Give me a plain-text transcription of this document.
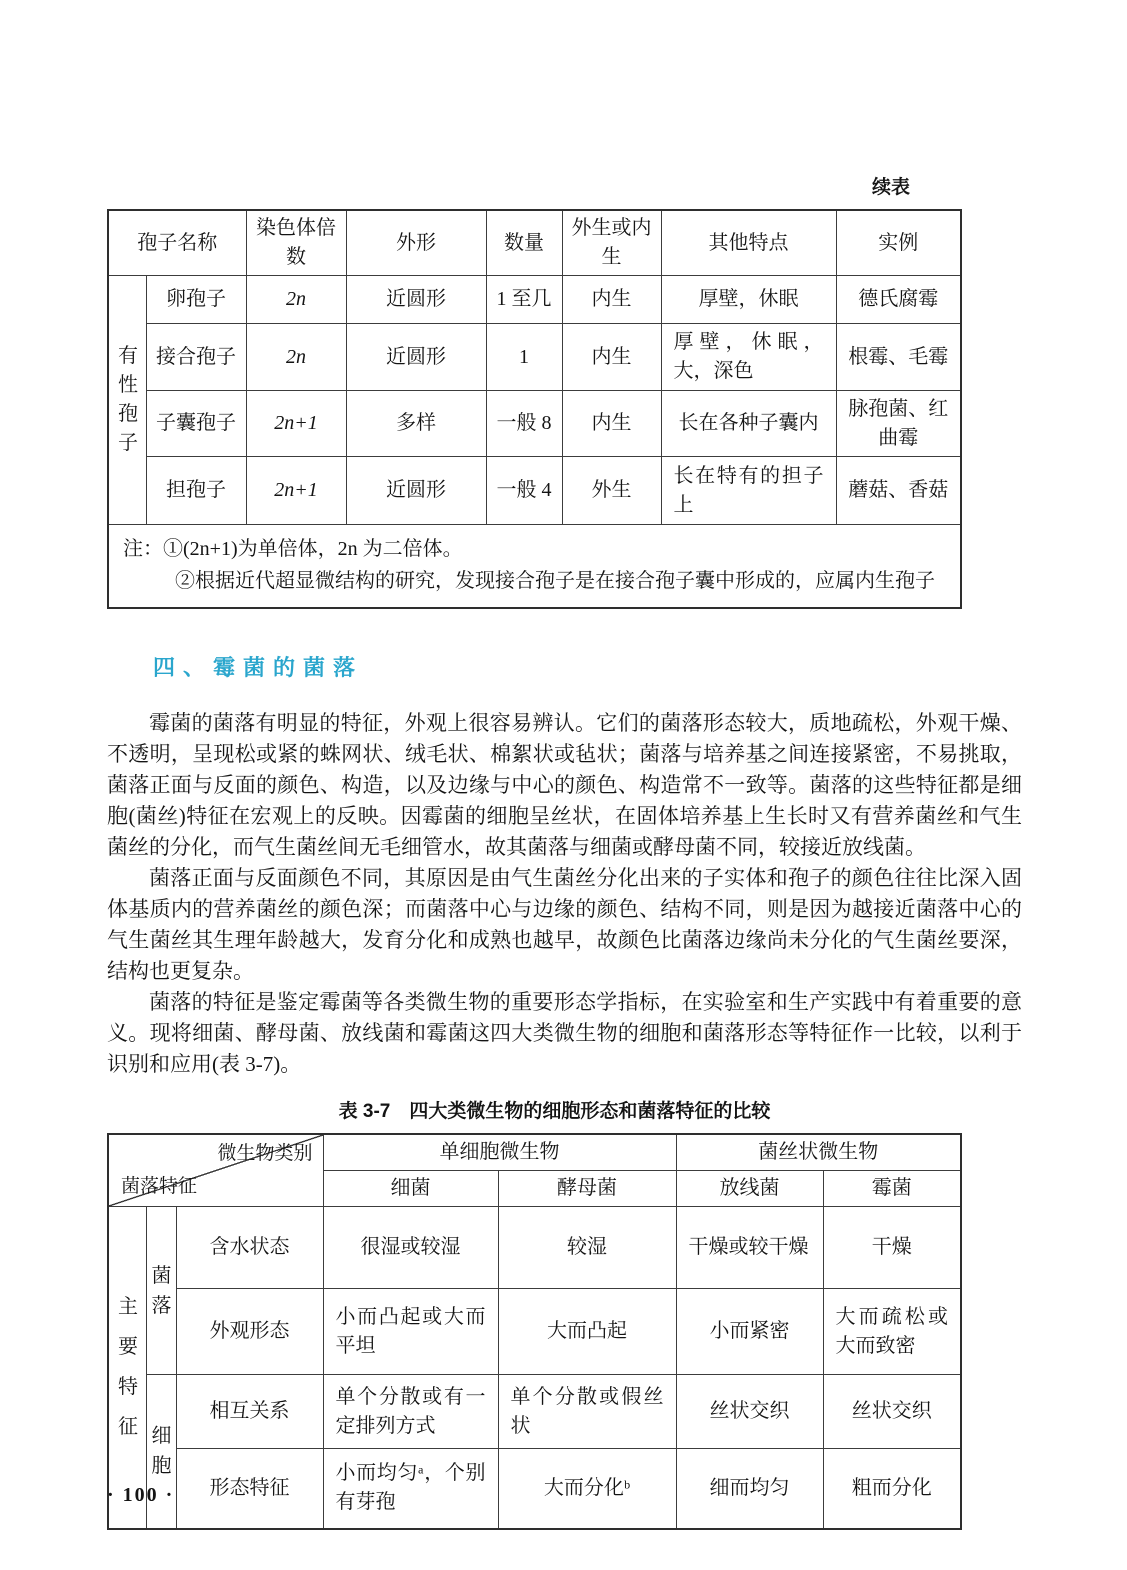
续表
孢子名称		染色体倍数	外形	数量	外生或内生	其他特点	实例
有性孢子	卵孢子	2n	近圆形	1 至几	内生	厚壁，休眠	德氏腐霉
	接合孢子	2n	近圆形	1	内生	厚壁，休眠，大，深色	根霉、毛霉
	子囊孢子	2n+1	多样	一般 8	内生	长在各种子囊内	脉孢菌、红曲霉
	担孢子	2n+1	近圆形	一般 4	外生	长在特有的担子上	蘑菇、香菇

注：①(2n+1)为单倍体，2n 为二倍体。
②根据近代超显微结构的研究，发现接合孢子是在接合孢子囊中形成的，应属内生孢子							
四、霉菌的菌落

霉菌的菌落有明显的特征，外观上很容易辨认。它们的菌落形态较大，质地疏松，外观干燥、不透明，呈现松或紧的蛛网状、绒毛状、棉絮状或毡状；菌落与培养基之间连接紧密，不易挑取，菌落正面与反面的颜色、构造，以及边缘与中心的颜色、构造常不一致等。菌落的这些特征都是细胞(菌丝)特征在宏观上的反映。因霉菌的细胞呈丝状，在固体培养基上生长时又有营养菌丝和气生菌丝的分化，而气生菌丝间无毛细管水，故其菌落与细菌或酵母菌不同，较接近放线菌。

菌落正面与反面颜色不同，其原因是由气生菌丝分化出来的子实体和孢子的颜色往往比深入固体基质内的营养菌丝的颜色深；而菌落中心与边缘的颜色、结构不同，则是因为越接近菌落中心的气生菌丝其生理年龄越大，发育分化和成熟也越早，故颜色比菌落边缘尚未分化的气生菌丝要深，结构也更复杂。

菌落的特征是鉴定霉菌等各类微生物的重要形态学指标，在实验室和生产实践中有着重要的意义。现将细菌、酵母菌、放线菌和霉菌这四大类微生物的细胞和菌落形态等特征作一比较，以利于识别和应用(表 3-7)。

表 3-7　四大类微生物的细胞形态和菌落特征的比较
微生物类别
菌落特征			单细胞微生物		菌丝状微生物	
			细菌	酵母菌	放线菌	霉菌
主要特征	菌落	含水状态	很湿或较湿	较湿	干燥或较干燥	干燥
		外观形态	小而凸起或大而平坦	大而凸起	小而紧密	大而疏松或大而致密
	细胞	相互关系	单个分散或有一定排列方式	单个分散或假丝状	丝状交织	丝状交织
		形态特征	小而均匀ᵃ，个别有芽孢	大而分化ᵇ	细而均匀	粗而分化
· 100 ·
